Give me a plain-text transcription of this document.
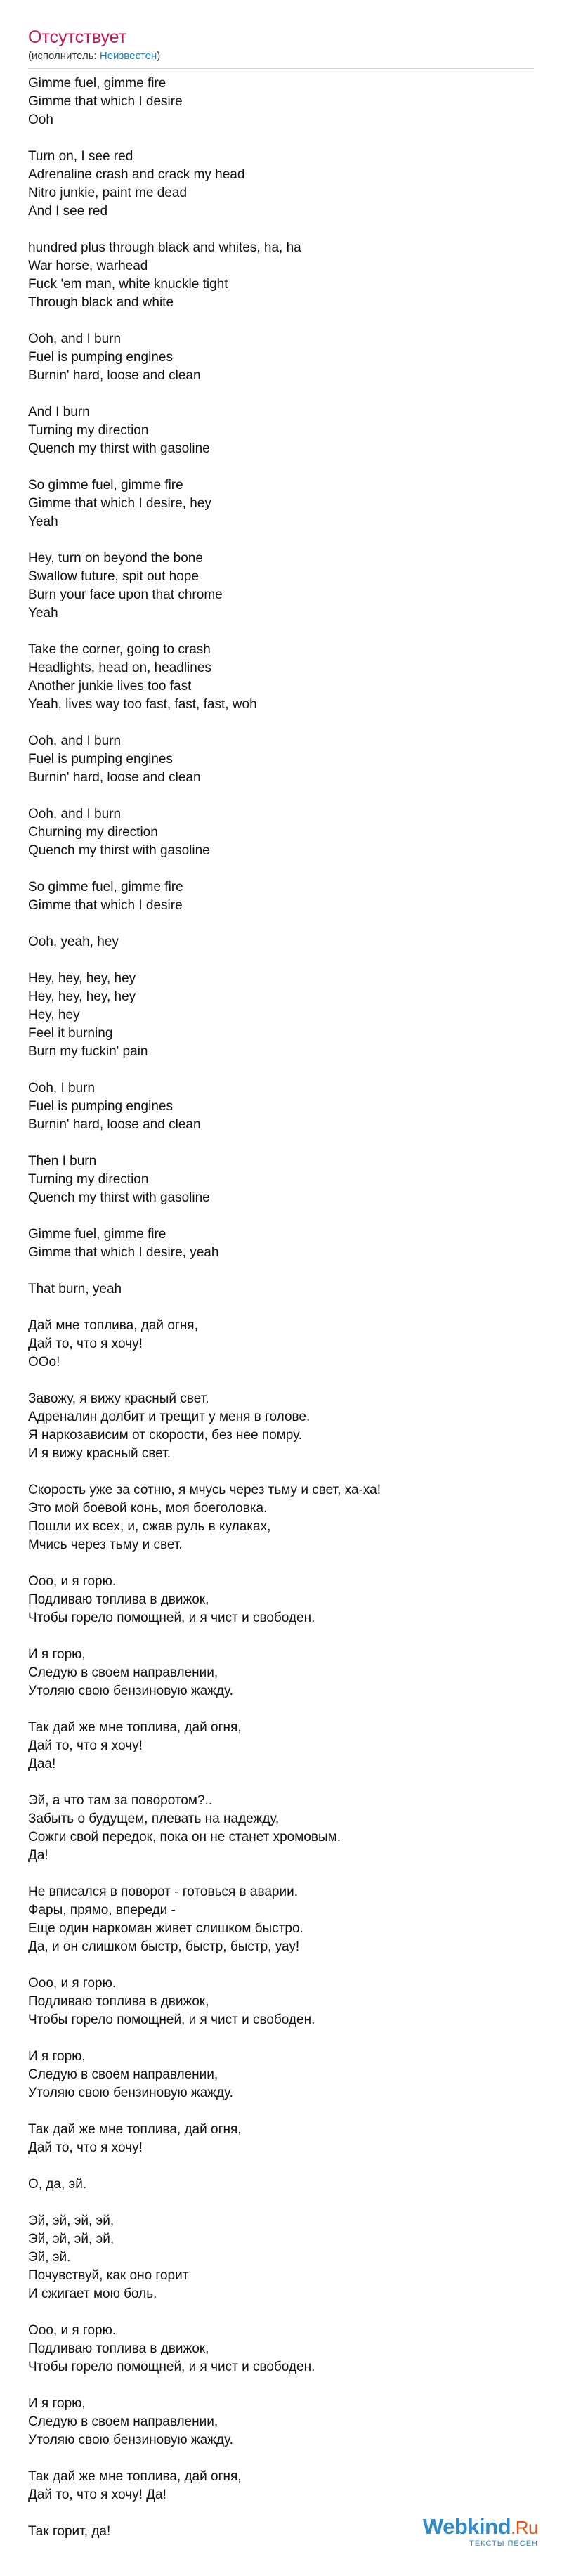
Отсутствует
(исполнитель: Неизвестен)
Gimme fuel, gimme fire
Gimme that which I desire
Ooh
Turn on, I see red
Adrenaline crash and crack my head
Nitro junkie, paint me dead
And I see red
hundred plus through black and whites, ha, ha
War horse, warhead
Fuck 'em man, white knuckle tight
Through black and white
Ooh, and I burn
Fuel is pumping engines
Burnin' hard, loose and clean
And I burn
Turning my direction
Quench my thirst with gasoline
So gimme fuel, gimme fire
Gimme that which I desire, hey
Yeah
Hey, turn on beyond the bone
Swallow future, spit out hope
Burn your face upon that chrome
Yeah
Take the corner, going to crash
Headlights, head on, headlines
Another junkie lives too fast
Yeah, lives way too fast, fast, fast, woh
Ooh, and I burn
Fuel is pumping engines
Burnin' hard, loose and clean
Ooh, and I burn
Churning my direction
Quench my thirst with gasoline
So gimme fuel, gimme fire
Gimme that which I desire
Ooh, yeah, hey
Hey, hey, hey, hey
Hey, hey, hey, hey
Hey, hey
Feel it burning
Burn my fuckin' pain
Ooh, I burn
Fuel is pumping engines
Burnin' hard, loose and clean
Then I burn
Turning my direction
Quench my thirst with gasoline
Gimme fuel, gimme fire
Gimme that which I desire, yeah
That burn, yeah
Дай мне топлива, дай огня,
Дай то, что я хочу!
ООо!
Завожу, я вижу красный свет.
Адреналин долбит и трещит у меня в голове.
Я наркозависим от скорости, без нее помру.
И я вижу красный свет.
Скорость уже за сотню, я мчусь через тьму и свет, ха-ха!
Это мой боевой конь, моя боеголовка.
Пошли их всех, и, сжав руль в кулаках,
Мчись через тьму и свет.
Ооо, и я горю.
Подливаю топлива в движок,
Чтобы горело помощней, и я чист и свободен.
И я горю,
Следую в своем направлении,
Утоляю свою бензиновую жажду.
Так дай же мне топлива, дай огня,
Дай то, что я хочу!
Даа!
Эй, а что там за поворотом?..
Забыть о будущем, плевать на надежду,
Сожги свой передок, пока он не станет хромовым.
Да!
Не вписался в поворот - готовься в аварии.
Фары, прямо, впереди -
Еще один наркоман живет слишком быстро.
Да, и он слишком быстр, быстр, быстр, уау!
Ооо, и я горю.
Подливаю топлива в движок,
Чтобы горело помощней, и я чист и свободен.
И я горю,
Следую в своем направлении,
Утоляю свою бензиновую жажду.
Так дай же мне топлива, дай огня,
Дай то, что я хочу!
О, да, эй.
Эй, эй, эй, эй,
Эй, эй, эй, эй,
Эй, эй.
Почувствуй, как оно горит
И сжигает мою боль.
Ооо, и я горю.
Подливаю топлива в движок,
Чтобы горело помощней, и я чист и свободен.
И я горю,
Следую в своем направлении,
Утоляю свою бензиновую жажду.
Так дай же мне топлива, дай огня,
Дай то, что я хочу! Да!
Так горит, да!	Webkind.Ru
ТЕКСТЫ ПЕСЕН
